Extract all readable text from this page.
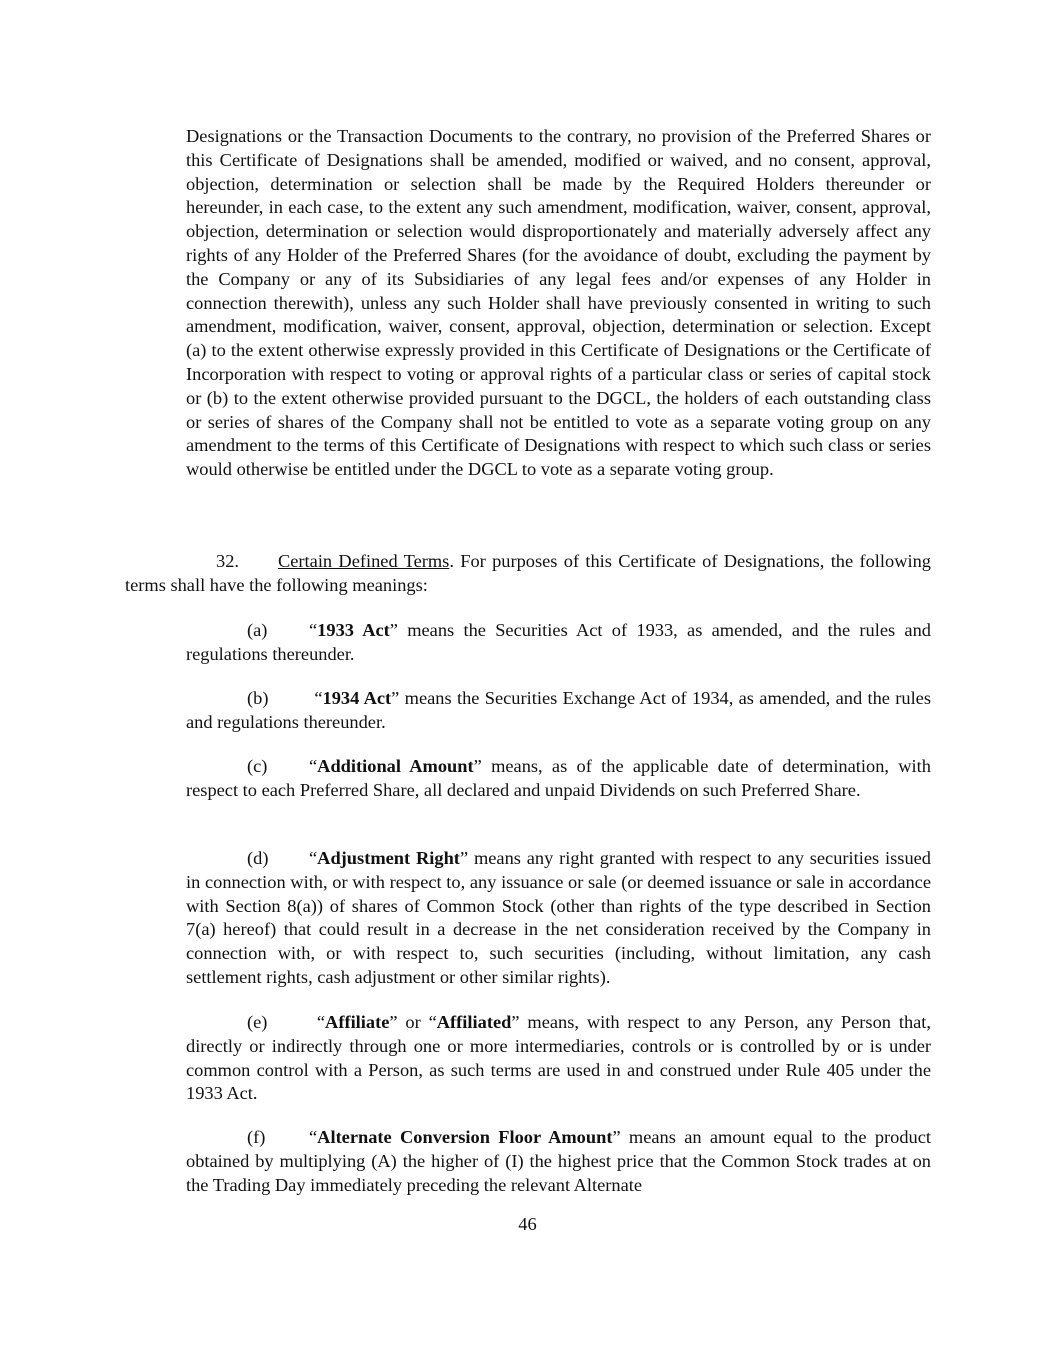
Designations or the Transaction Documents to the contrary, no provision of the Preferred Shares or this Certificate of Designations shall be amended, modified or waived, and no consent, approval, objection, determination or selection shall be made by the Required Holders thereunder or hereunder, in each case, to the extent any such amendment, modification, waiver, consent, approval, objection, determination or selection would disproportionately and materially adversely affect any rights of any Holder of the Preferred Shares (for the avoidance of doubt, excluding the payment by the Company or any of its Subsidiaries of any legal fees and/or expenses of any Holder in connection therewith), unless any such Holder shall have previously consented in writing to such amendment, modification, waiver, consent, approval, objection, determination or selection. Except (a) to the extent otherwise expressly provided in this Certificate of Designations or the Certificate of Incorporation with respect to voting or approval rights of a particular class or series of capital stock or (b) to the extent otherwise provided pursuant to the DGCL, the holders of each outstanding class or series of shares of the Company shall not be entitled to vote as a separate voting group on any amendment to the terms of this Certificate of Designations with respect to which such class or series would otherwise be entitled under the DGCL to vote as a separate voting group.

32. Certain Defined Terms. For purposes of this Certificate of Designations, the following terms shall have the following meanings:

(a) “1933 Act” means the Securities Act of 1933, as amended, and the rules and regulations thereunder.

(b) “1934 Act” means the Securities Exchange Act of 1934, as amended, and the rules and regulations thereunder.

(c) “Additional Amount” means, as of the applicable date of determination, with respect to each Preferred Share, all declared and unpaid Dividends on such Preferred Share.

(d) “Adjustment Right” means any right granted with respect to any securities issued in connection with, or with respect to, any issuance or sale (or deemed issuance or sale in accordance with Section 8(a)) of shares of Common Stock (other than rights of the type described in Section 7(a) hereof) that could result in a decrease in the net consideration received by the Company in connection with, or with respect to, such securities (including, without limitation, any cash settlement rights, cash adjustment or other similar rights).

(e) “Affiliate” or “Affiliated” means, with respect to any Person, any Person that, directly or indirectly through one or more intermediaries, controls or is controlled by or is under common control with a Person, as such terms are used in and construed under Rule 405 under the 1933 Act.

(f) “Alternate Conversion Floor Amount” means an amount equal to the product obtained by multiplying (A) the higher of (I) the highest price that the Common Stock trades at on the Trading Day immediately preceding the relevant Alternate

46
